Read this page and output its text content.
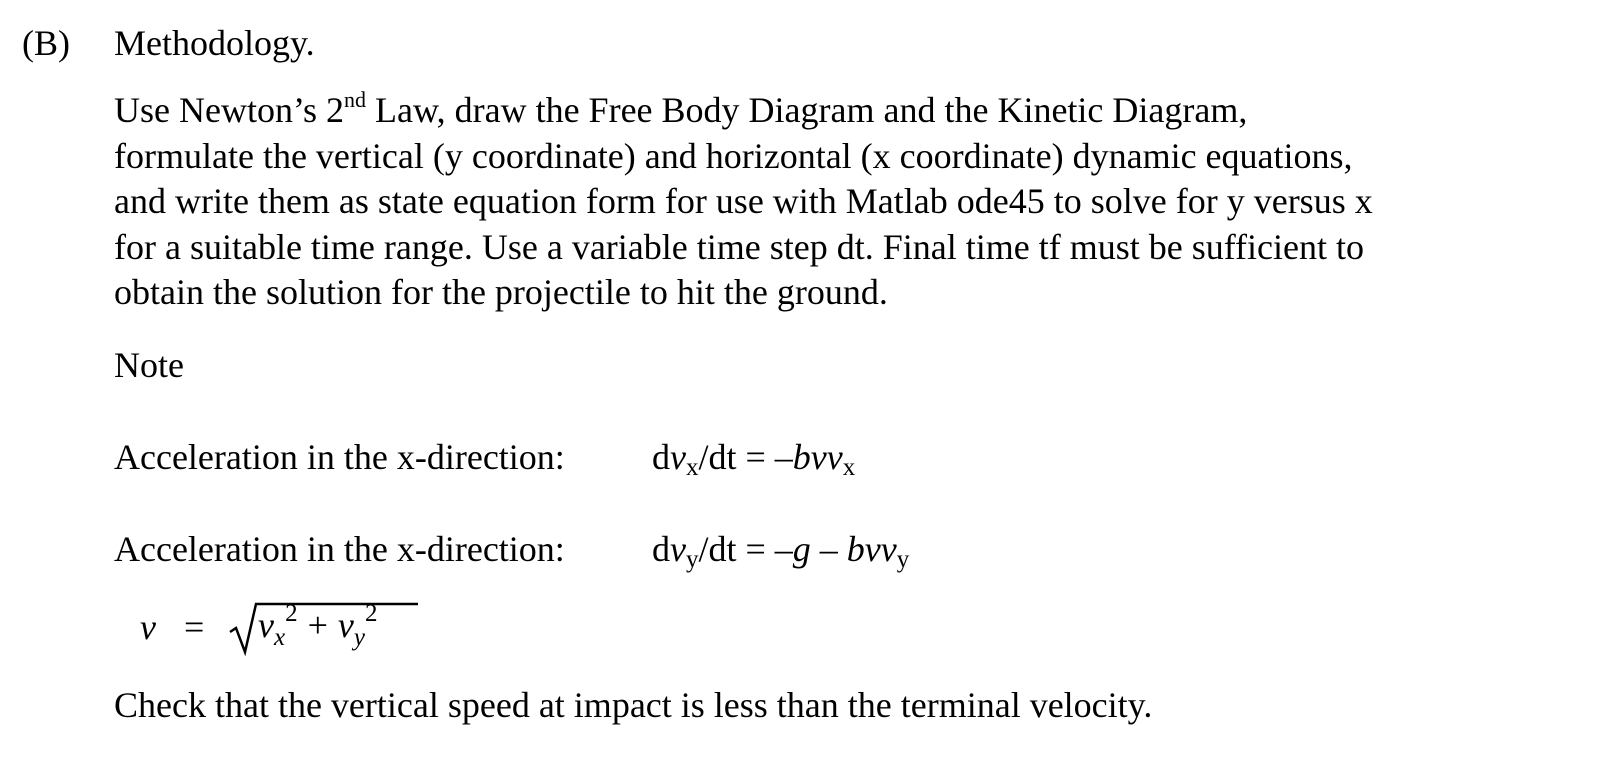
(B) Methodology.
Use Newton’s 2nd Law, draw the Free Body Diagram and the Kinetic Diagram,
formulate the vertical (y coordinate) and horizontal (x coordinate) dynamic equations,
and write them as state equation form for use with Matlab ode45 to solve for y versus x
for a suitable time range. Use a variable time step dt. Final time tf must be sufficient to
obtain the solution for the projectile to hit the ground.
Note
Acceleration in the x-direction: $dv_x/dt = -bvv_x$
Acceleration in the x-direction: $dv_y/dt = -g - bvv_y$
$v = v_x^2 + v_y^2$
Check that the vertical speed at impact is less than the terminal velocity.
